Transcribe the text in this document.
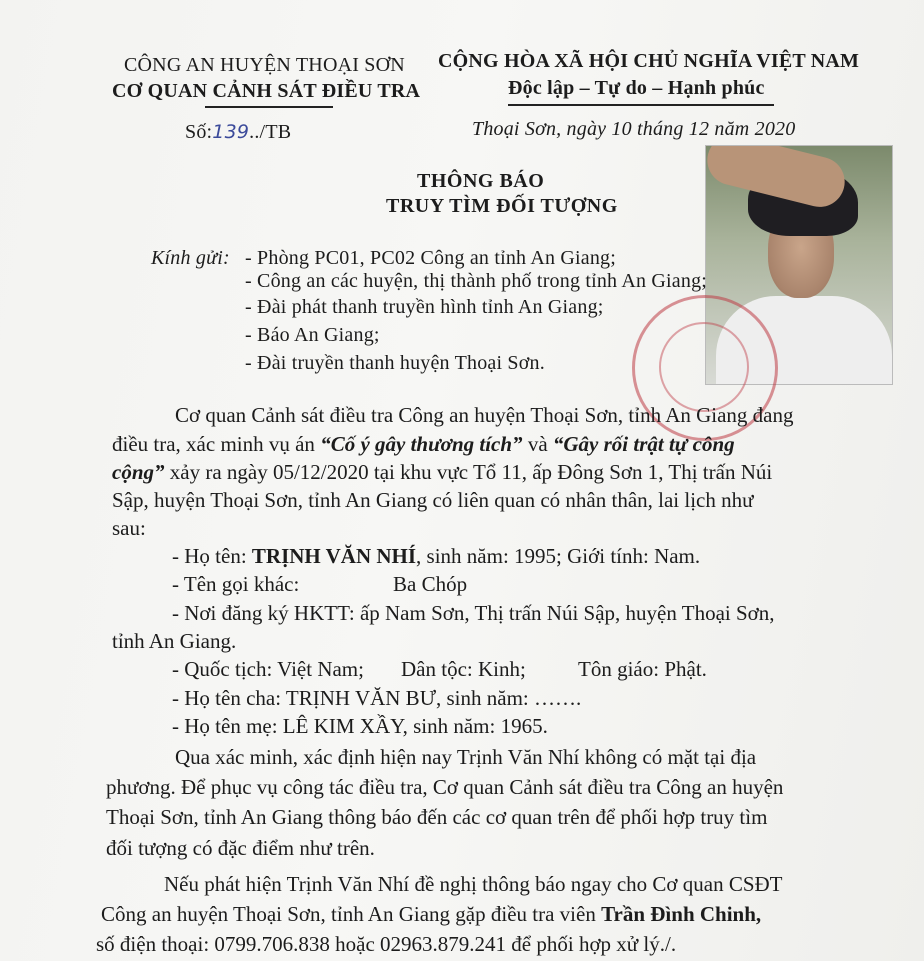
CÔNG AN HUYỆN THOẠI SƠN
CƠ QUAN CẢNH SÁT ĐIỀU TRA
CỘNG HÒA XÃ HỘI CHỦ NGHĨA VIỆT NAM
Độc lập – Tự do – Hạnh phúc
Số:139../TB	Thoại Sơn, ngày 10 tháng 12 năm 2020
THÔNG BÁO
TRUY TÌM ĐỐI TƯỢNG
Kính gửi: - Phòng PC01, PC02 Công an tỉnh An Giang;
- Công an các huyện, thị thành phố trong tỉnh An Giang;
- Đài phát thanh truyền hình tỉnh An Giang;
- Báo An Giang;
- Đài truyền thanh huyện Thoại Sơn.
Cơ quan Cảnh sát điều tra Công an huyện Thoại Sơn, tỉnh An Giang đang
điều tra, xác minh vụ án “Cố ý gây thương tích” và “Gây rối trật tự công
cộng” xảy ra ngày 05/12/2020 tại khu vực Tổ 11, ấp Đông Sơn 1, Thị trấn Núi
Sập, huyện Thoại Sơn, tỉnh An Giang có liên quan có nhân thân, lai lịch như
sau:
- Họ tên: TRỊNH VĂN NHÍ, sinh năm: 1995; Giới tính: Nam.
- Tên gọi khác:	Ba Chóp
- Nơi đăng ký HKTT: ấp Nam Sơn, Thị trấn Núi Sập, huyện Thoại Sơn,
tỉnh An Giang.
- Quốc tịch: Việt Nam; Dân tộc: Kinh; Tôn giáo: Phật.
- Họ tên cha: TRỊNH VĂN BƯ, sinh năm: …….
- Họ tên mẹ: LÊ KIM XẦY, sinh năm: 1965.
Qua xác minh, xác định hiện nay Trịnh Văn Nhí không có mặt tại địa
phương. Để phục vụ công tác điều tra, Cơ quan Cảnh sát điều tra Công an huyện
Thoại Sơn, tỉnh An Giang thông báo đến các cơ quan trên để phối hợp truy tìm
đối tượng có đặc điểm như trên.
Nếu phát hiện Trịnh Văn Nhí đề nghị thông báo ngay cho Cơ quan CSĐT
Công an huyện Thoại Sơn, tỉnh An Giang gặp điều tra viên Trần Đình Chinh,
số điện thoại: 0799.706.838 hoặc 02963.879.241 để phối hợp xử lý./.
